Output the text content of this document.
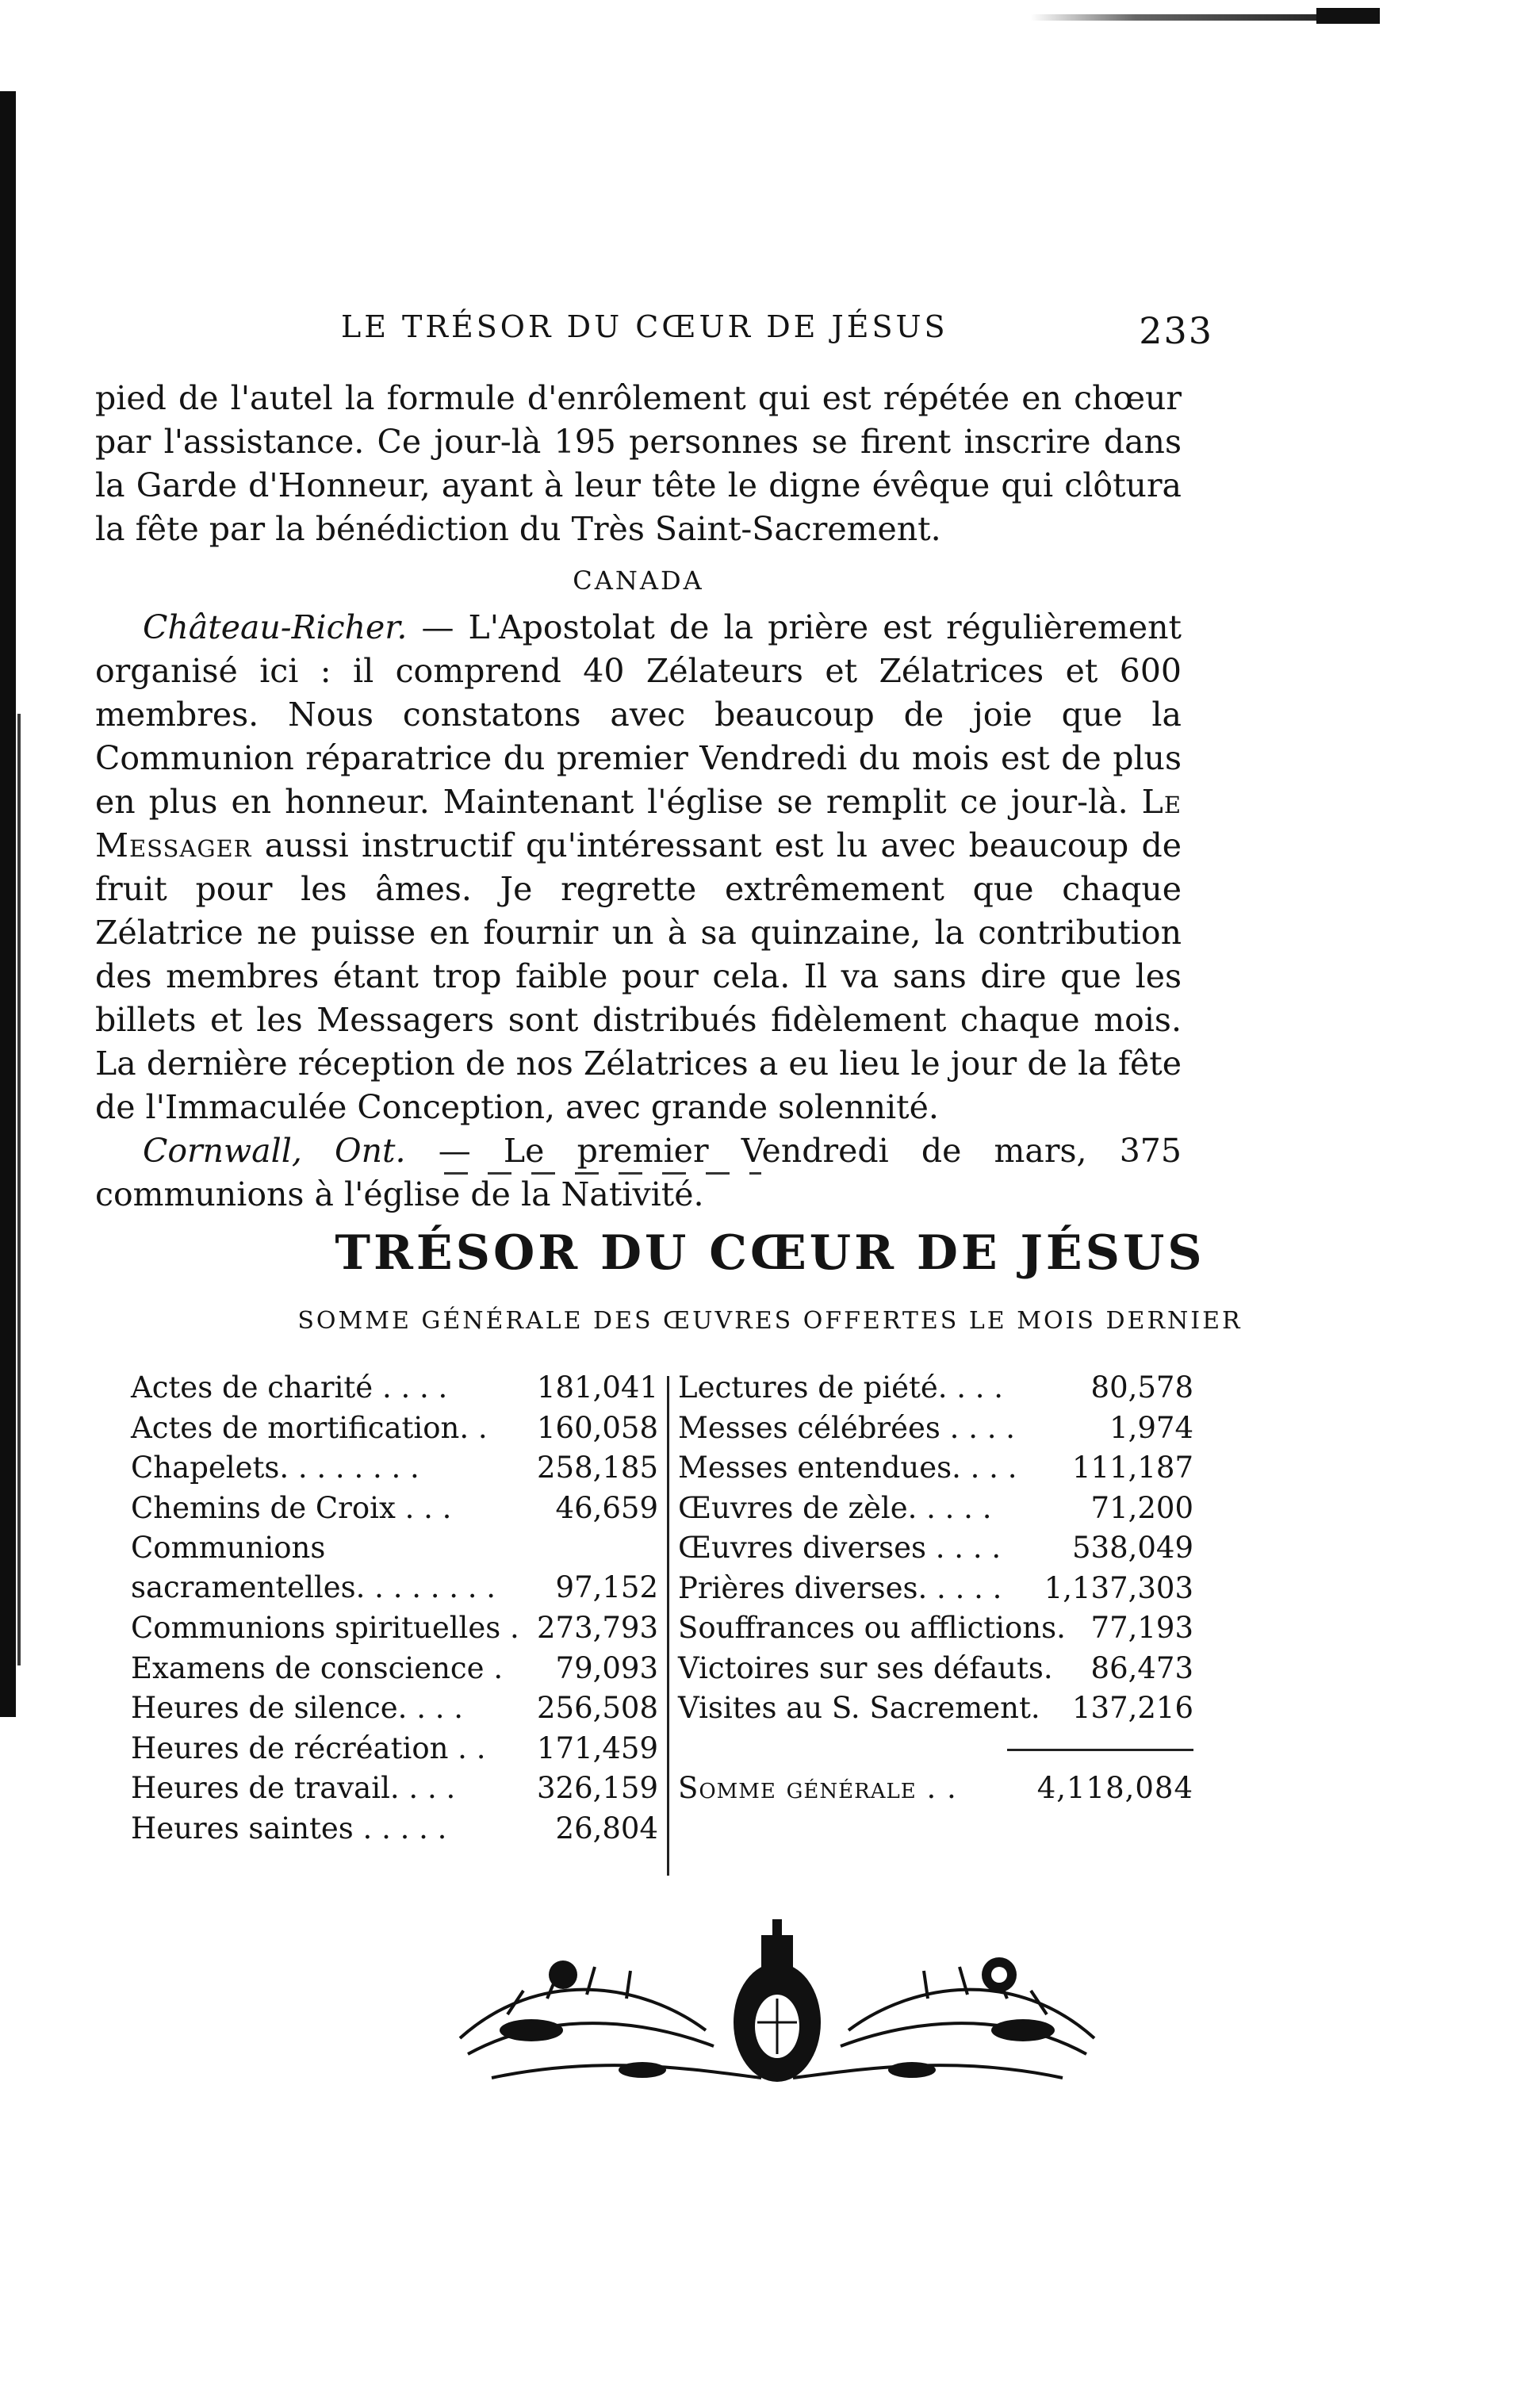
LE TRÉSOR DU CŒUR DE JÉSUS	233

pied de l'autel la formule d'enrôlement qui est répétée en chœur par l'assistance. Ce jour-là 195 personnes se firent inscrire dans la Garde d'Honneur, ayant à leur tête le digne évêque qui clôtura la fête par la bénédiction du Très Saint-Sacrement.

CANADA

Château-Richer. — L'Apostolat de la prière est régulièrement organisé ici : il comprend 40 Zélateurs et Zélatrices et 600 membres. Nous constatons avec beaucoup de joie que la Communion réparatrice du premier Vendredi du mois est de plus en plus en honneur. Maintenant l'église se remplit ce jour-là. Le Messager aussi instructif qu'intéressant est lu avec beaucoup de fruit pour les âmes. Je regrette extrêmement que chaque Zélatrice ne puisse en fournir un à sa quinzaine, la contribution des membres étant trop faible pour cela. Il va sans dire que les billets et les Messagers sont distribués fidèlement chaque mois. La dernière réception de nos Zélatrices a eu lieu le jour de la fête de l'Immaculée Conception, avec grande solennité.

Cornwall, Ont. — Le premier Vendredi de mars, 375 communions à l'église de la Nativité.

TRÉSOR DU CŒUR DE JÉSUS
SOMME GÉNÉRALE DES ŒUVRES OFFERTES LE MOIS DERNIER
Actes de charité . . . .	181,041
Actes de mortification. . 160,058
Chapelets. . . . . . . .	258,185
Chemins de Croix . . .	46,659
Communions sacramentelles. . . . . . . .	97,152
Communions spirituelles . 273,793
Examens de conscience . 79,093
Heures de silence. . . .	256,508
Heures de récréation . . 171,459
Heures de travail. . . .	326,159
Heures saintes . . . . .	26,804
Lectures de piété. . . .	80,578
Messes célébrées . . . .	1,974
Messes entendues. . . . 111,187
Œuvres de zèle. . . . .	71,200
Œuvres diverses . . . . 538,049
Prières diverses. . . . . 1,137,303
Souffrances ou afflictions. 77,193
Victoires sur ses défauts. 86,473
Visites au S. Sacrement. 137,216
Somme générale . .	4,118,084
